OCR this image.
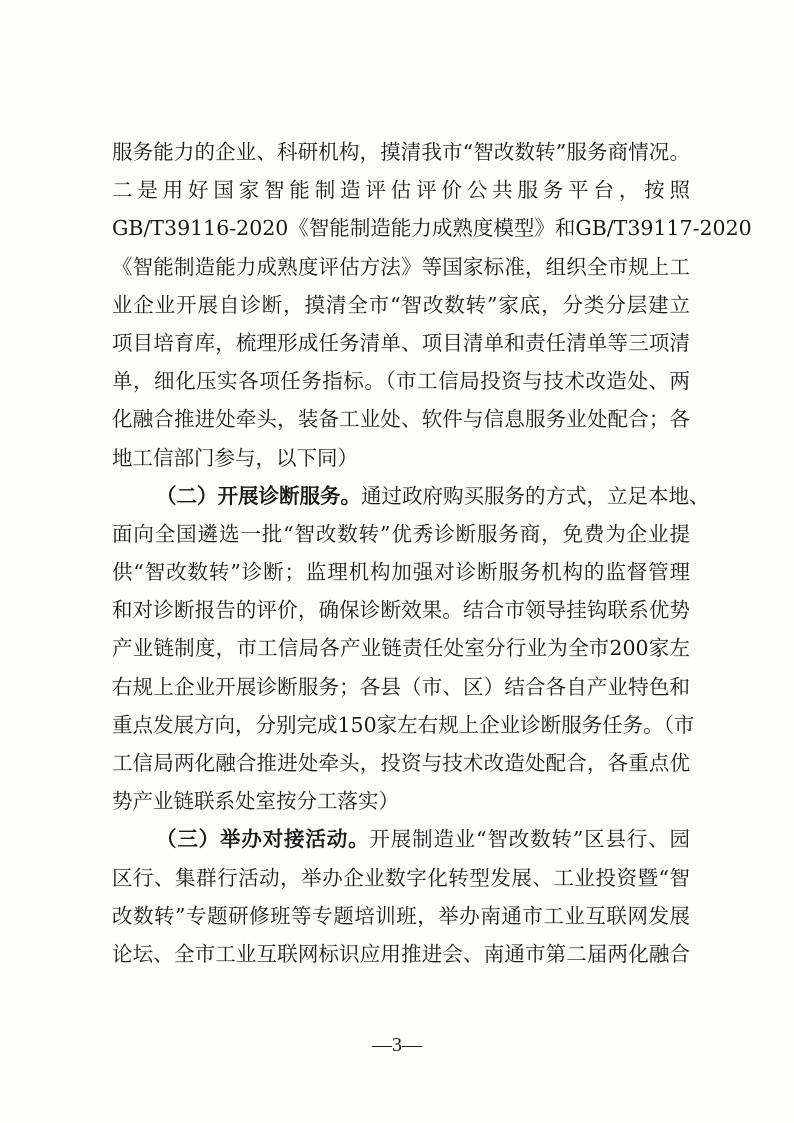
服务能力的企业、科研机构，摸清我市“智改数转”服务商情况。
二是用好国家智能制造评估评价公共服务平台，按照
GB/T39116-2020《智能制造能力成熟度模型》和GB/T39117-2020
《智能制造能力成熟度评估方法》等国家标准，组织全市规上工
业企业开展自诊断，摸清全市“智改数转”家底，分类分层建立
项目培育库，梳理形成任务清单、项目清单和责任清单等三项清
单，细化压实各项任务指标。（市工信局投资与技术改造处、两
化融合推进处牵头，装备工业处、软件与信息服务业处配合；各
地工信部门参与，以下同）
（二）开展诊断服务。通过政府购买服务的方式，立足本地、
面向全国遴选一批“智改数转”优秀诊断服务商，免费为企业提
供“智改数转”诊断；监理机构加强对诊断服务机构的监督管理
和对诊断报告的评价，确保诊断效果。结合市领导挂钩联系优势
产业链制度，市工信局各产业链责任处室分行业为全市200家左
右规上企业开展诊断服务；各县（市、区）结合各自产业特色和
重点发展方向，分别完成150家左右规上企业诊断服务任务。（市
工信局两化融合推进处牵头，投资与技术改造处配合，各重点优
势产业链联系处室按分工落实）
（三）举办对接活动。开展制造业“智改数转”区县行、园
区行、集群行活动，举办企业数字化转型发展、工业投资暨“智
改数转”专题研修班等专题培训班，举办南通市工业互联网发展
论坛、全市工业互联网标识应用推进会、南通市第二届两化融合
—3—
